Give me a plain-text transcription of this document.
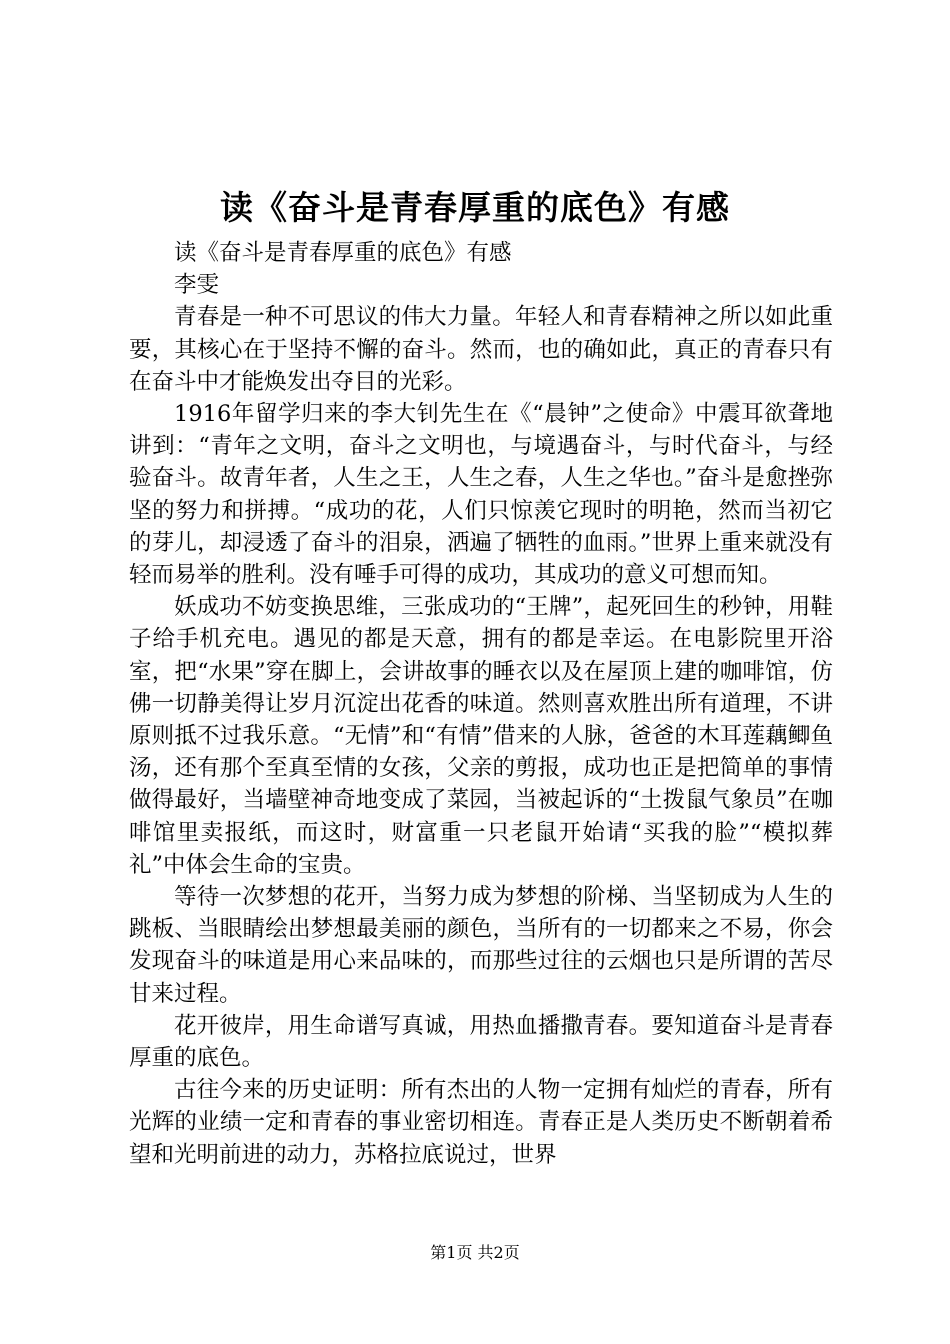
读《奋斗是青春厚重的底色》有感

读《奋斗是青春厚重的底色》有感

李雯

青春是一种不可思议的伟大力量。年轻人和青春精神之所以如此重要，其核心在于坚持不懈的奋斗。然而，也的确如此，真正的青春只有在奋斗中才能焕发出夺目的光彩。

1916年留学归来的李大钊先生在《“晨钟”之使命》中震耳欲聋地讲到：“青年之文明，奋斗之文明也，与境遇奋斗，与时代奋斗，与经验奋斗。故青年者，人生之王，人生之春，人生之华也。”奋斗是愈挫弥坚的努力和拼搏。“成功的花，人们只惊羡它现时的明艳，然而当初它的芽儿，却浸透了奋斗的泪泉，洒遍了牺牲的血雨。”世界上重来就没有轻而易举的胜利。没有唾手可得的成功，其成功的意义可想而知。

妖成功不妨变换思维，三张成功的“王牌”，起死回生的秒钟，用鞋子给手机充电。遇见的都是天意，拥有的都是幸运。在电影院里开浴室，把“水果”穿在脚上，会讲故事的睡衣以及在屋顶上建的咖啡馆，仿佛一切静美得让岁月沉淀出花香的味道。然则喜欢胜出所有道理，不讲原则抵不过我乐意。“无情”和“有情”借来的人脉，爸爸的木耳莲藕鲫鱼汤，还有那个至真至情的女孩，父亲的剪报，成功也正是把简单的事情做得最好，当墙壁神奇地变成了菜园，当被起诉的“土拨鼠气象员”在咖啡馆里卖报纸，而这时，财富重一只老鼠开始请“买我的脸”“模拟葬礼”中体会生命的宝贵。

等待一次梦想的花开，当努力成为梦想的阶梯、当坚韧成为人生的跳板、当眼睛绘出梦想最美丽的颜色，当所有的一切都来之不易，你会发现奋斗的味道是用心来品味的，而那些过往的云烟也只是所谓的苦尽甘来过程。

花开彼岸，用生命谱写真诚，用热血播撒青春。要知道奋斗是青春厚重的底色。

古往今来的历史证明：所有杰出的人物一定拥有灿烂的青春，所有光辉的业绩一定和青春的事业密切相连。青春正是人类历史不断朝着希望和光明前进的动力，苏格拉底说过，世界

第1页 共2页
